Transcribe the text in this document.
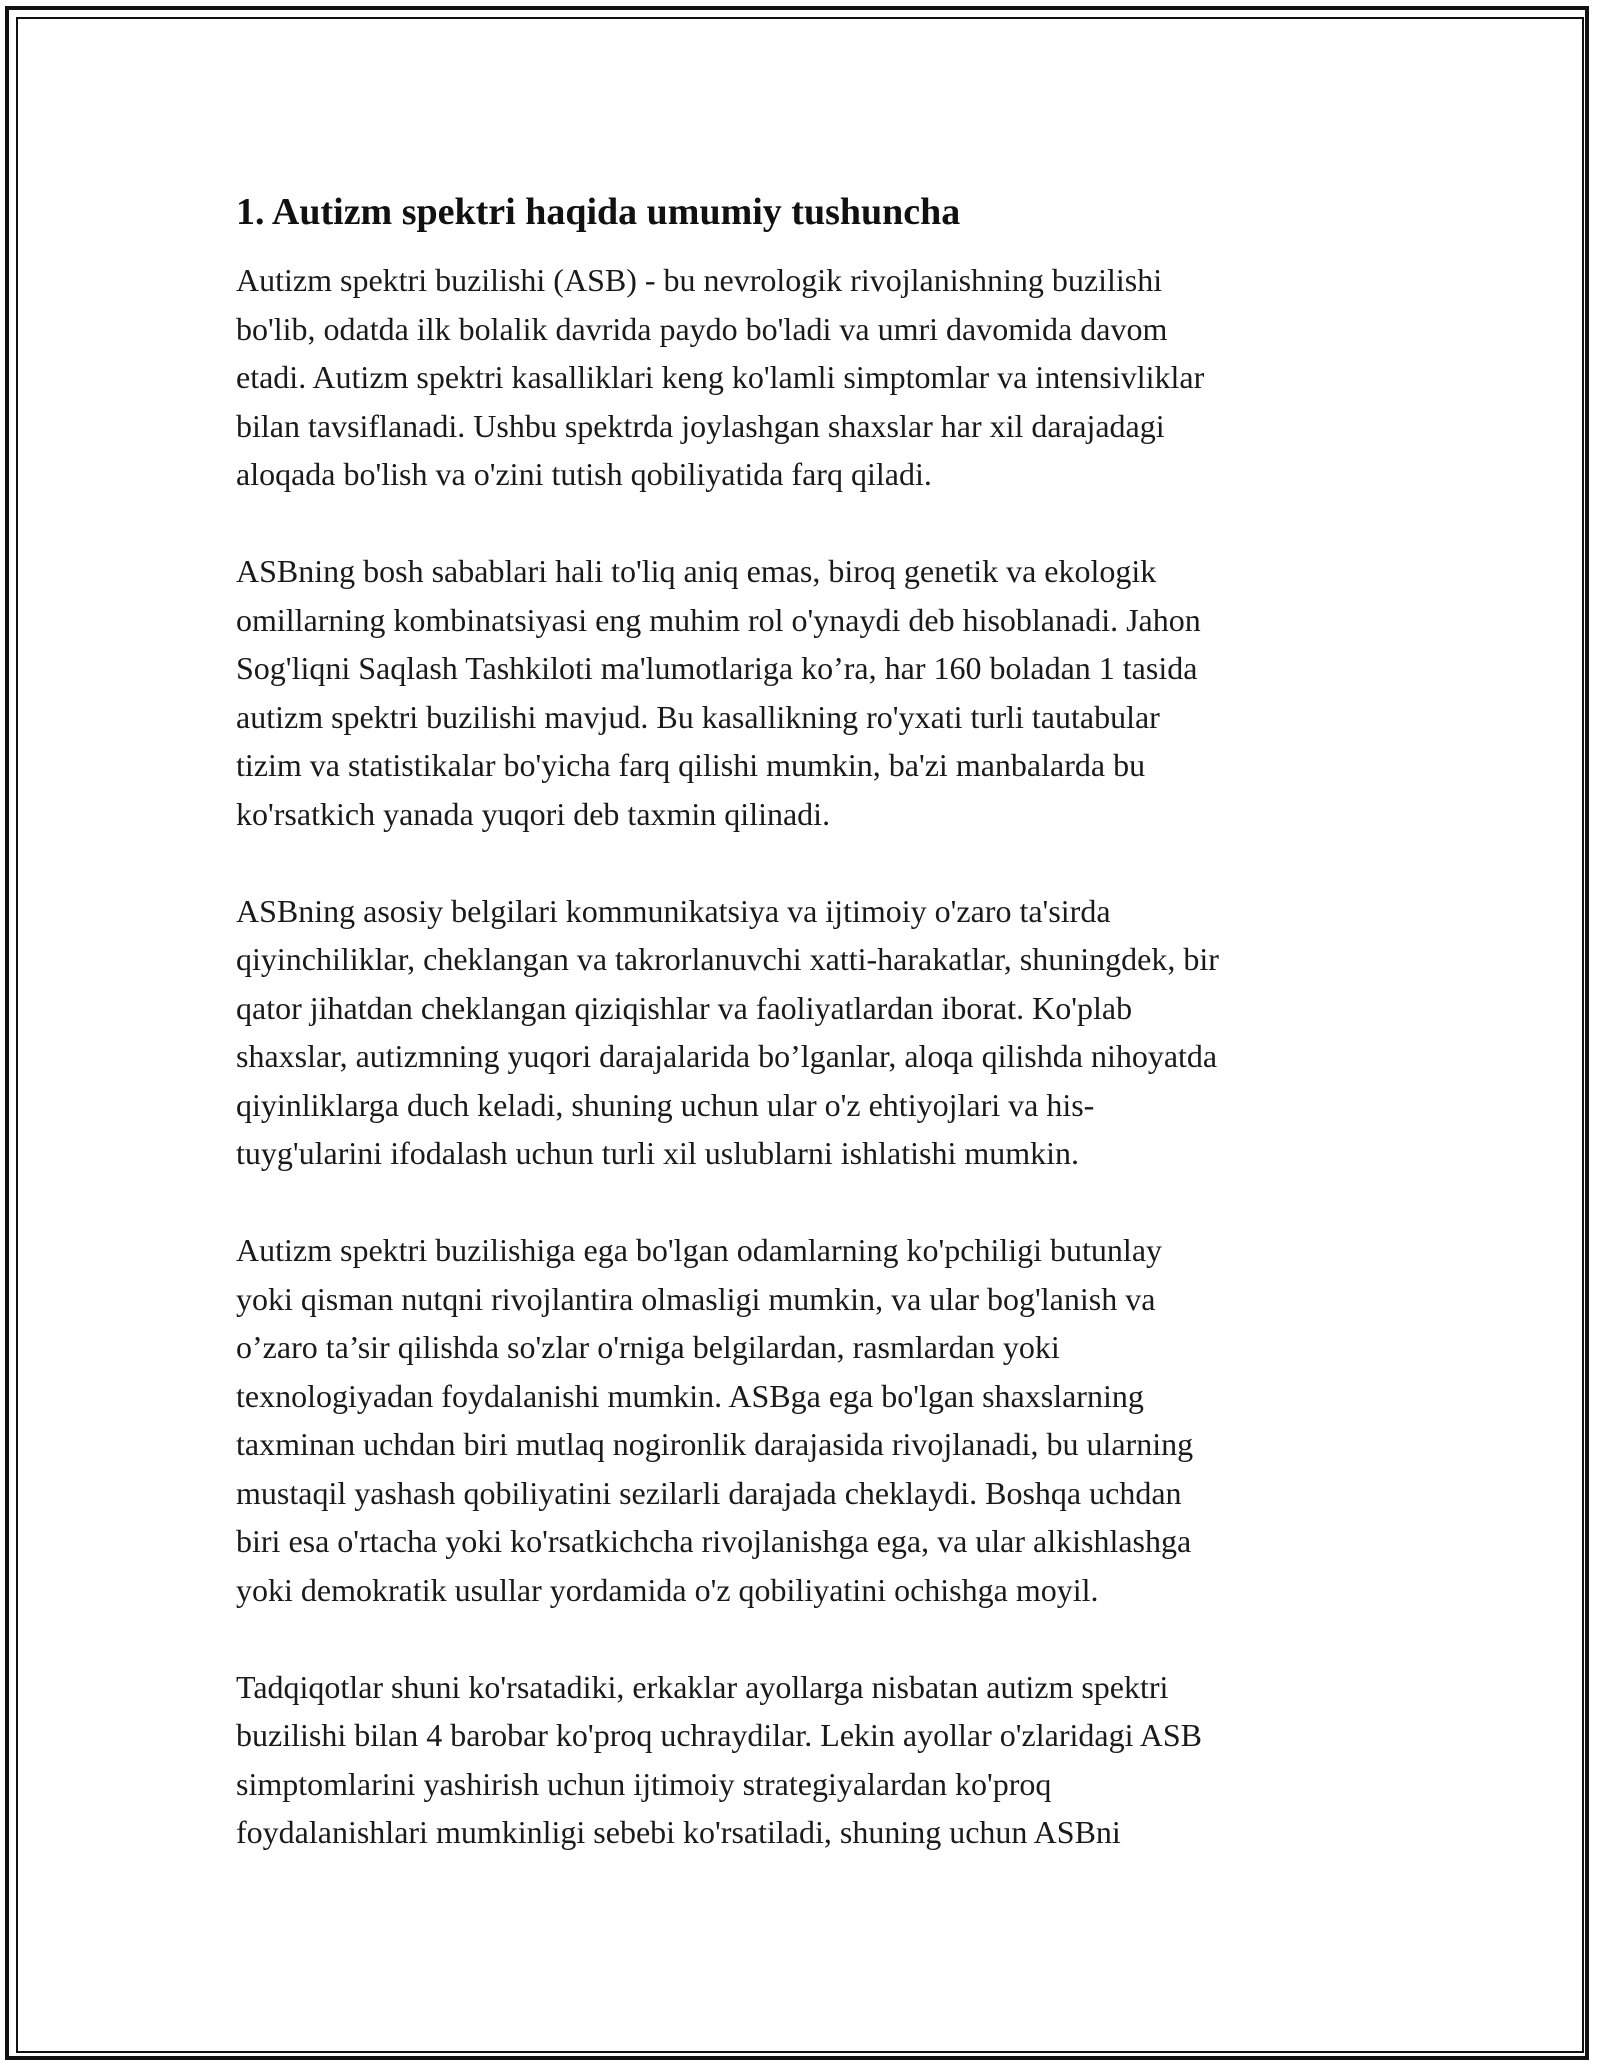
1. Autizm spektri haqida umumiy tushuncha

Autizm spektri buzilishi (ASB) - bu nevrologik rivojlanishning buzilishi
bo'lib, odatda ilk bolalik davrida paydo bo'ladi va umri davomida davom
etadi. Autizm spektri kasalliklari keng ko'lamli simptomlar va intensivliklar
bilan tavsiflanadi. Ushbu spektrda joylashgan shaxslar har xil darajadagi
aloqada bo'lish va o'zini tutish qobiliyatida farq qiladi.

ASBning bosh sabablari hali to'liq aniq emas, biroq genetik va ekologik
omillarning kombinatsiyasi eng muhim rol o'ynaydi deb hisoblanadi. Jahon
Sog'liqni Saqlash Tashkiloti ma'lumotlariga ko’ra, har 160 boladan 1 tasida
autizm spektri buzilishi mavjud. Bu kasallikning ro'yxati turli tautabular
tizim va statistikalar bo'yicha farq qilishi mumkin, ba'zi manbalarda bu
ko'rsatkich yanada yuqori deb taxmin qilinadi.

ASBning asosiy belgilari kommunikatsiya va ijtimoiy o'zaro ta'sirda
qiyinchiliklar, cheklangan va takrorlanuvchi xatti-harakatlar, shuningdek, bir
qator jihatdan cheklangan qiziqishlar va faoliyatlardan iborat. Ko'plab
shaxslar, autizmning yuqori darajalarida bo’lganlar, aloqa qilishda nihoyatda
qiyinliklarga duch keladi, shuning uchun ular o'z ehtiyojlari va his-
tuyg'ularini ifodalash uchun turli xil uslublarni ishlatishi mumkin.

Autizm spektri buzilishiga ega bo'lgan odamlarning ko'pchiligi butunlay
yoki qisman nutqni rivojlantira olmasligi mumkin, va ular bog'lanish va
o’zaro ta’sir qilishda so'zlar o'rniga belgilardan, rasmlardan yoki
texnologiyadan foydalanishi mumkin. ASBga ega bo'lgan shaxslarning
taxminan uchdan biri mutlaq nogironlik darajasida rivojlanadi, bu ularning
mustaqil yashash qobiliyatini sezilarli darajada cheklaydi. Boshqa uchdan
biri esa o'rtacha yoki ko'rsatkichcha rivojlanishga ega, va ular alkishlashga
yoki demokratik usullar yordamida o'z qobiliyatini ochishga moyil.

Tadqiqotlar shuni ko'rsatadiki, erkaklar ayollarga nisbatan autizm spektri
buzilishi bilan 4 barobar ko'proq uchraydilar. Lekin ayollar o'zlaridagi ASB
simptomlarini yashirish uchun ijtimoiy strategiyalardan ko'proq
foydalanishlari mumkinligi sebebi ko'rsatiladi, shuning uchun ASBni
